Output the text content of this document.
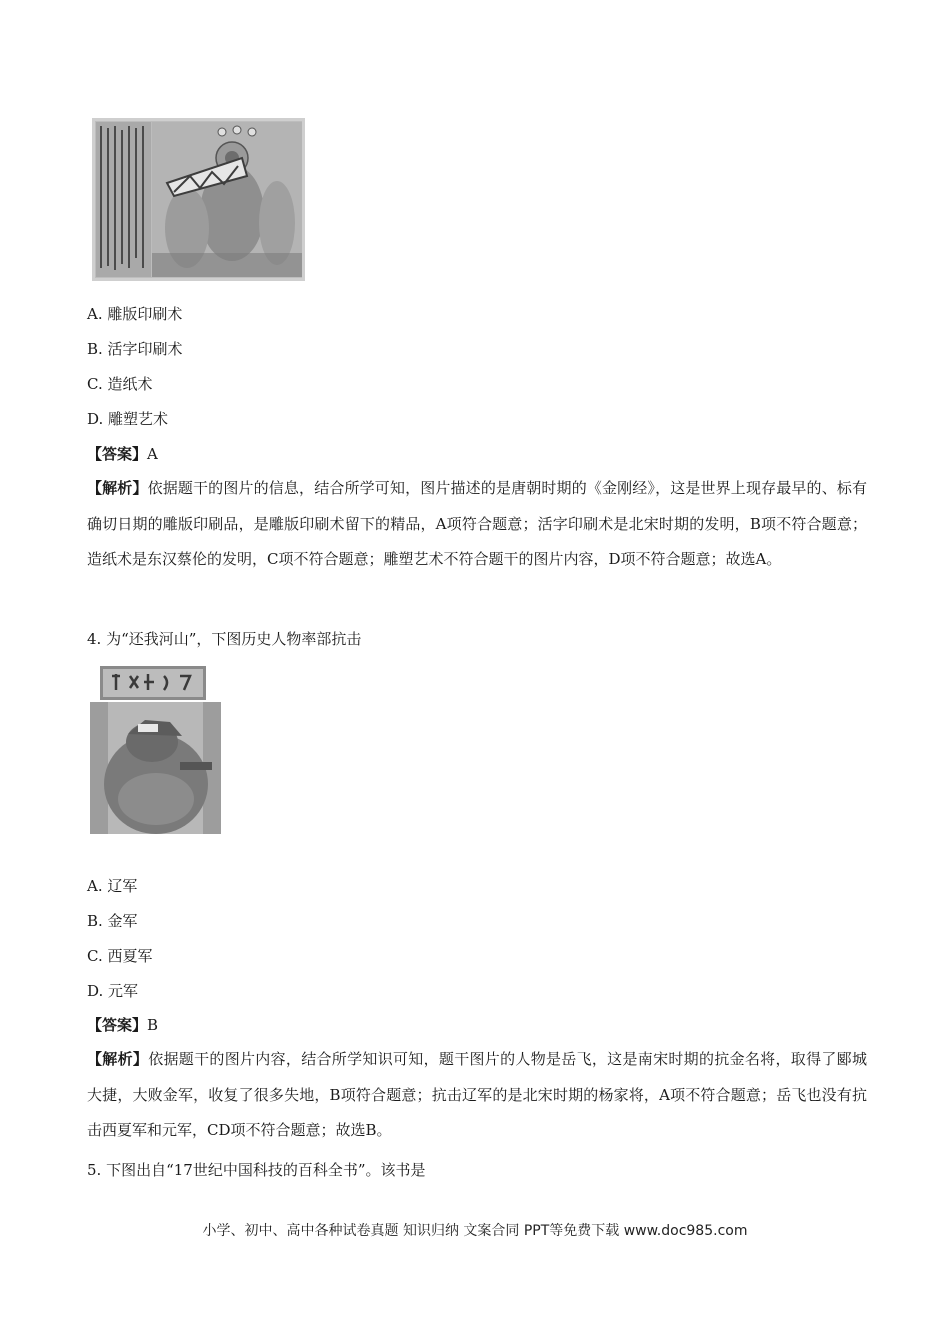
A. 雕版印刷术
B. 活字印刷术
C. 造纸术
D. 雕塑艺术
【答案】A
【解析】依据题干的图片的信息，结合所学可知，图片描述的是唐朝时期的《金刚经》，这是世界上现存最早的、标有确切日期的雕版印刷品，是雕版印刷术留下的精品，A项符合题意；活字印刷术是北宋时期的发明，B项不符合题意；造纸术是东汉蔡伦的发明，C项不符合题意；雕塑艺术不符合题干的图片内容，D项不符合题意；故选A。
4. 为“还我河山”，下图历史人物率部抗击
A. 辽军
B. 金军
C. 西夏军
D. 元军
【答案】B
【解析】依据题干的图片内容，结合所学知识可知，题干图片的人物是岳飞，这是南宋时期的抗金名将，取得了郾城大捷，大败金军，收复了很多失地，B项符合题意；抗击辽军的是北宋时期的杨家将，A项不符合题意；岳飞也没有抗击西夏军和元军，CD项不符合题意；故选B。
5. 下图出自“17世纪中国科技的百科全书”。该书是
小学、初中、高中各种试卷真题 知识归纳 文案合同 PPT等免费下载 www.doc985.com
